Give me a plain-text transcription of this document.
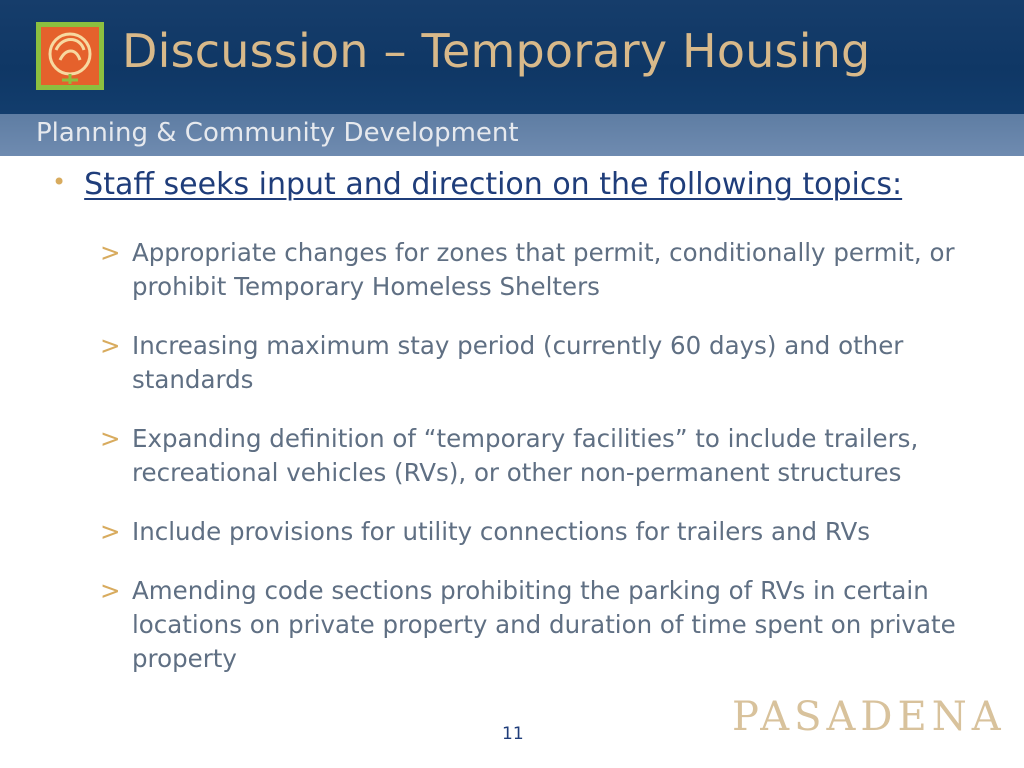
Discussion – Temporary Housing
Planning & Community Development
• Staff seeks input and direction on the following topics:
> Appropriate changes for zones that permit, conditionally permit, or prohibit Temporary Homeless Shelters
> Increasing maximum stay period (currently 60 days) and other standards
> Expanding definition of “temporary facilities” to include trailers, recreational vehicles (RVs), or other non-permanent structures
> Include provisions for utility connections for trailers and RVs
> Amending code sections prohibiting the parking of RVs in certain locations on private property and duration of time spent on private property
11	PASADENA
